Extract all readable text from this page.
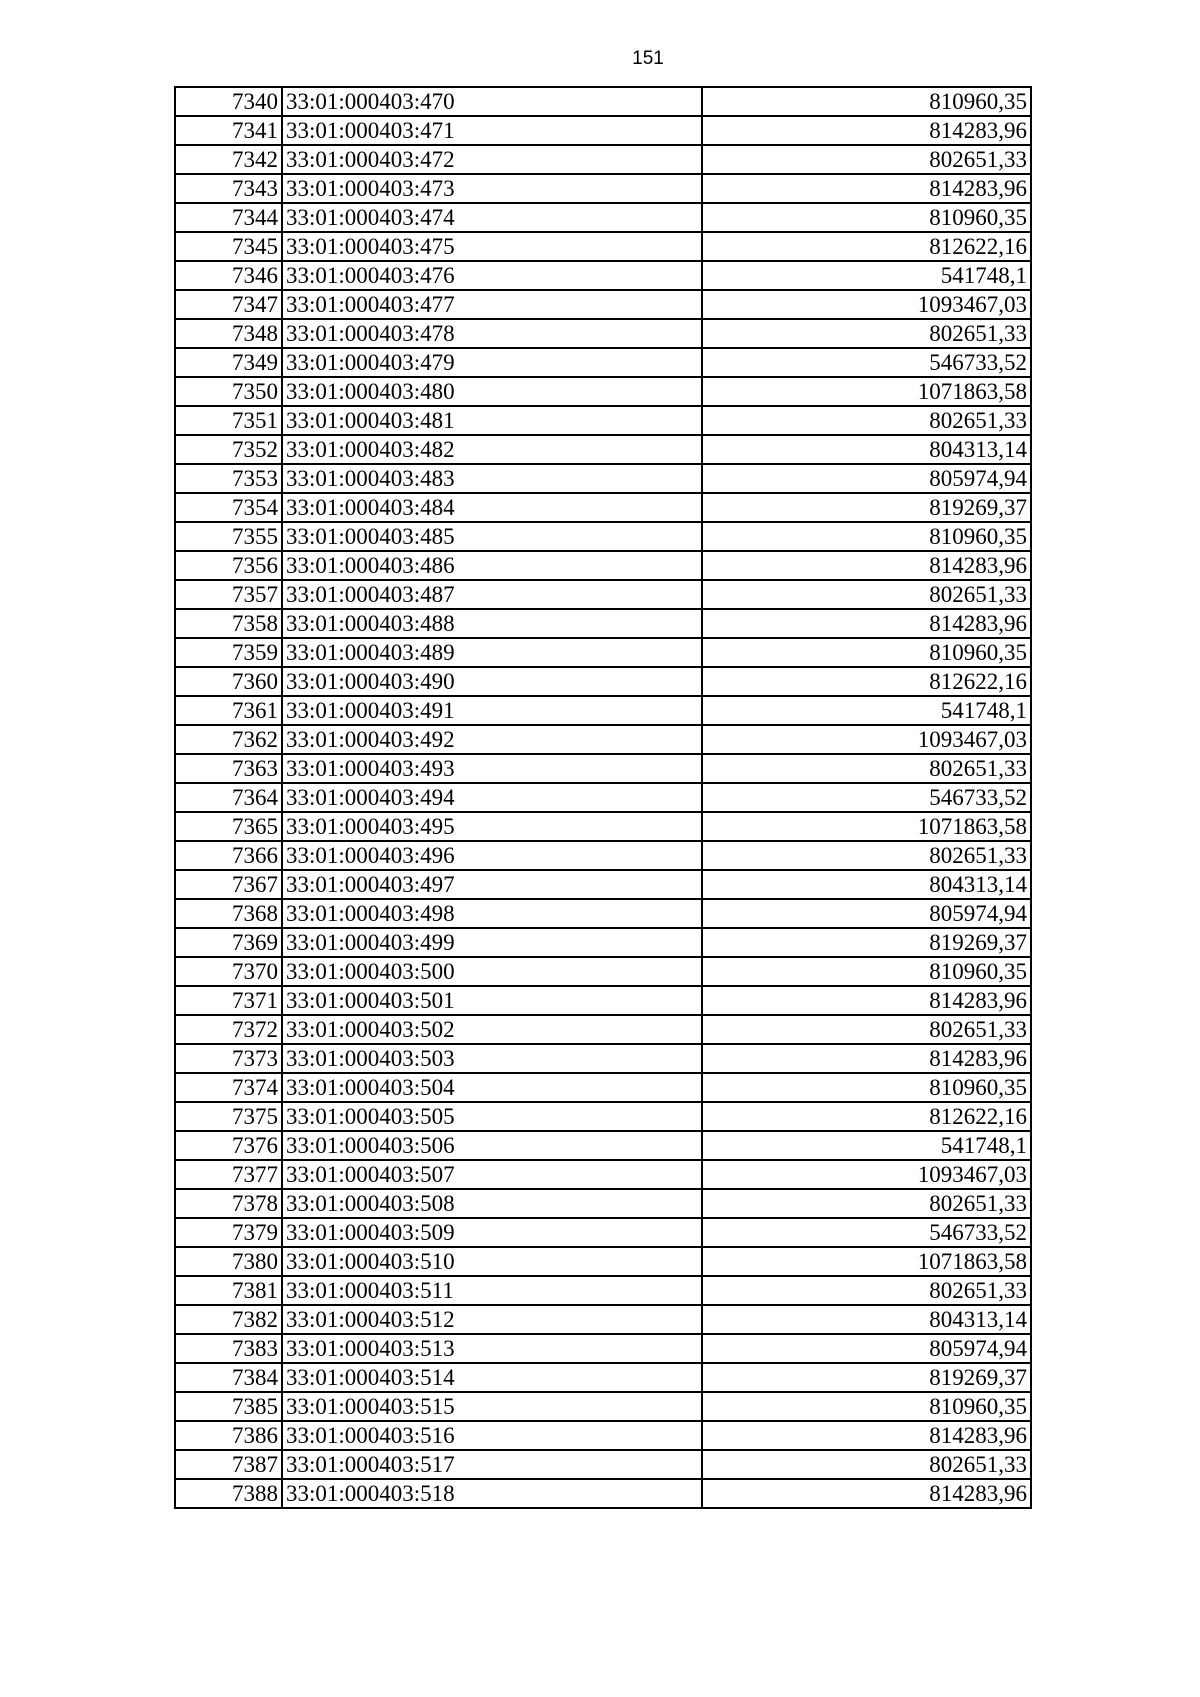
151
7340	33:01:000403:470	810960,35
7341	33:01:000403:471	814283,96
7342	33:01:000403:472	802651,33
7343	33:01:000403:473	814283,96
7344	33:01:000403:474	810960,35
7345	33:01:000403:475	812622,16
7346	33:01:000403:476	541748,1
7347	33:01:000403:477	1093467,03
7348	33:01:000403:478	802651,33
7349	33:01:000403:479	546733,52
7350	33:01:000403:480	1071863,58
7351	33:01:000403:481	802651,33
7352	33:01:000403:482	804313,14
7353	33:01:000403:483	805974,94
7354	33:01:000403:484	819269,37
7355	33:01:000403:485	810960,35
7356	33:01:000403:486	814283,96
7357	33:01:000403:487	802651,33
7358	33:01:000403:488	814283,96
7359	33:01:000403:489	810960,35
7360	33:01:000403:490	812622,16
7361	33:01:000403:491	541748,1
7362	33:01:000403:492	1093467,03
7363	33:01:000403:493	802651,33
7364	33:01:000403:494	546733,52
7365	33:01:000403:495	1071863,58
7366	33:01:000403:496	802651,33
7367	33:01:000403:497	804313,14
7368	33:01:000403:498	805974,94
7369	33:01:000403:499	819269,37
7370	33:01:000403:500	810960,35
7371	33:01:000403:501	814283,96
7372	33:01:000403:502	802651,33
7373	33:01:000403:503	814283,96
7374	33:01:000403:504	810960,35
7375	33:01:000403:505	812622,16
7376	33:01:000403:506	541748,1
7377	33:01:000403:507	1093467,03
7378	33:01:000403:508	802651,33
7379	33:01:000403:509	546733,52
7380	33:01:000403:510	1071863,58
7381	33:01:000403:511	802651,33
7382	33:01:000403:512	804313,14
7383	33:01:000403:513	805974,94
7384	33:01:000403:514	819269,37
7385	33:01:000403:515	810960,35
7386	33:01:000403:516	814283,96
7387	33:01:000403:517	802651,33
7388	33:01:000403:518	814283,96
